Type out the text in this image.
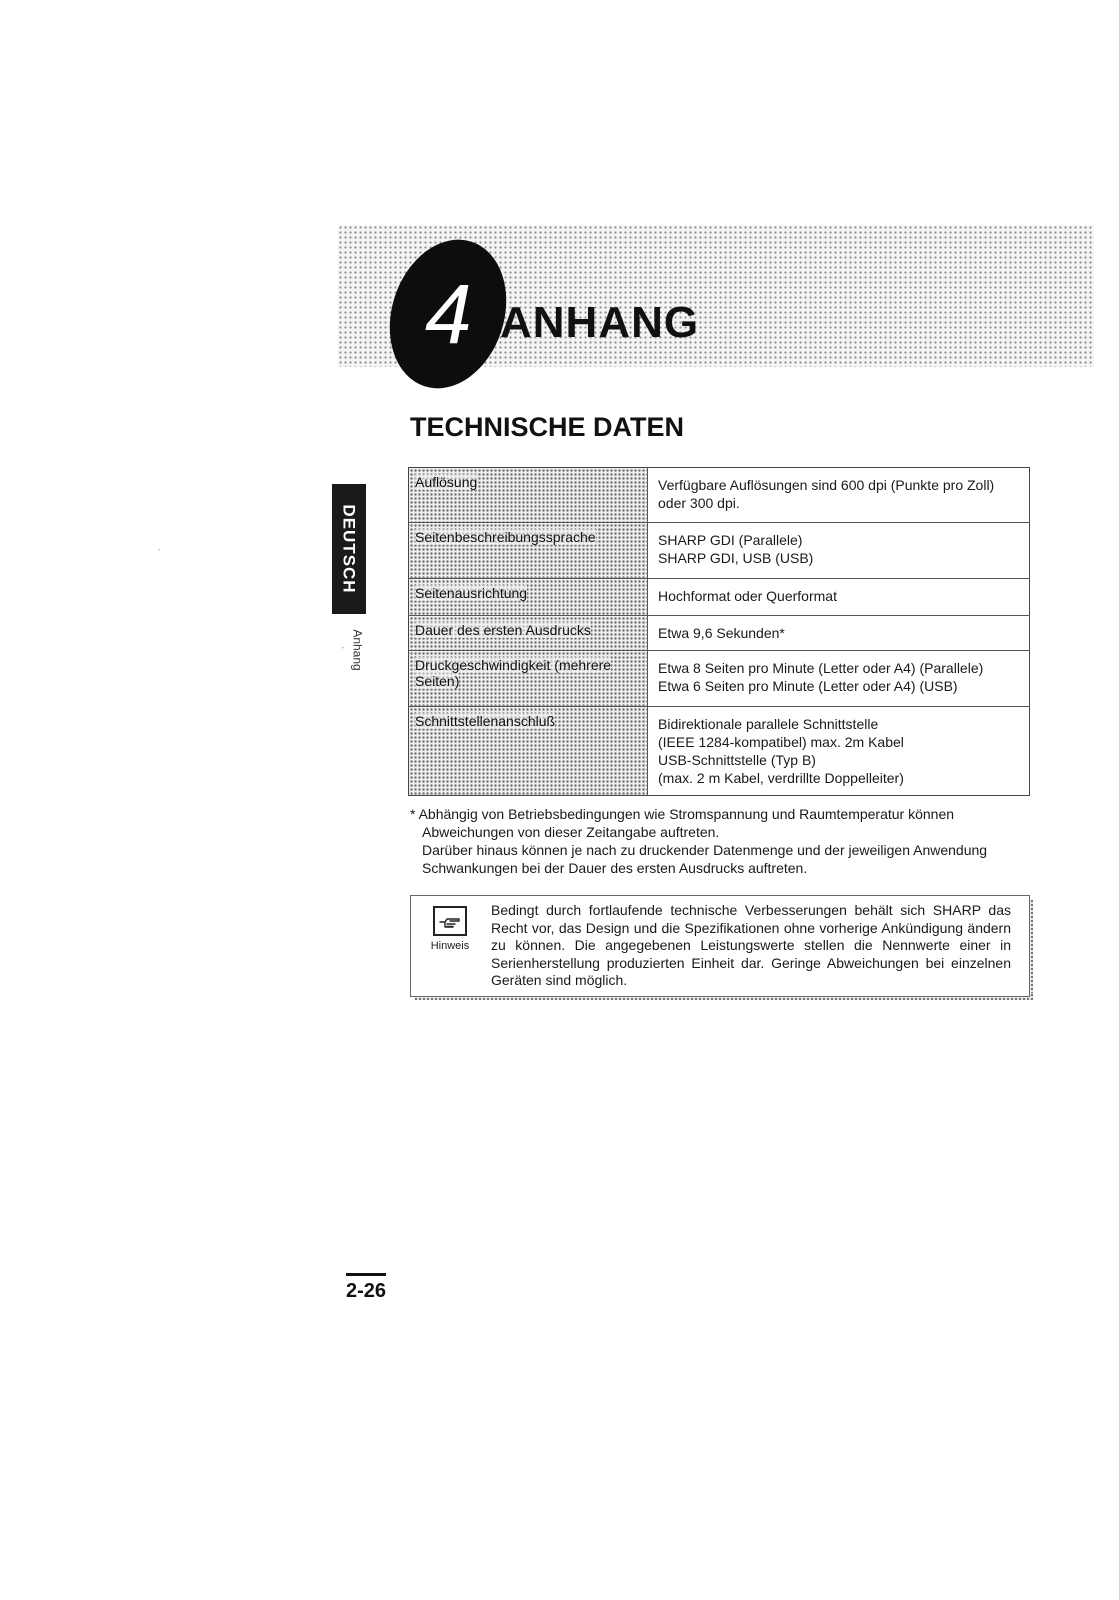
4 ANHANG
TECHNISCHE DATEN
DEUTSCH
Anhang
Auflösung	Verfügbare Auflösungen sind 600 dpi (Punkte pro Zoll)
oder 300 dpi.

Seitenbeschreibungssprache	SHARP GDI (Parallele)
SHARP GDI, USB (USB)

Seitenausrichtung	Hochformat oder Querformat

Dauer des ersten Ausdrucks	Etwa 9,6 Sekunden*

Druckgeschwindigkeit (mehrere Seiten)	Etwa 8 Seiten pro Minute (Letter oder A4) (Parallele)
Etwa 6 Seiten pro Minute (Letter oder A4) (USB)

Schnittstellenanschluß	Bidirektionale parallele Schnittstelle
(IEEE 1284-kompatibel) max. 2m Kabel
USB-Schnittstelle (Typ B)
(max. 2 m Kabel, verdrillte Doppelleiter)

* Abhängig von Betriebsbedingungen wie Stromspannung und Raumtemperatur können Abweichungen von dieser Zeitangabe auftreten.

Darüber hinaus können je nach zu druckender Datenmenge und der jeweiligen Anwendung Schwankungen bei der Dauer des ersten Ausdrucks auftreten.

Hinweis
Bedingt durch fortlaufende technische Verbesserungen behält sich SHARP das Recht vor, das Design und die Spezifikationen ohne vorherige Ankündigung ändern zu können. Die angegebenen Leistungswerte stellen die Nennwerte einer in Serienherstellung produzierten Einheit dar. Geringe Abweichungen bei einzelnen Geräten sind möglich.
2-26
•
•
